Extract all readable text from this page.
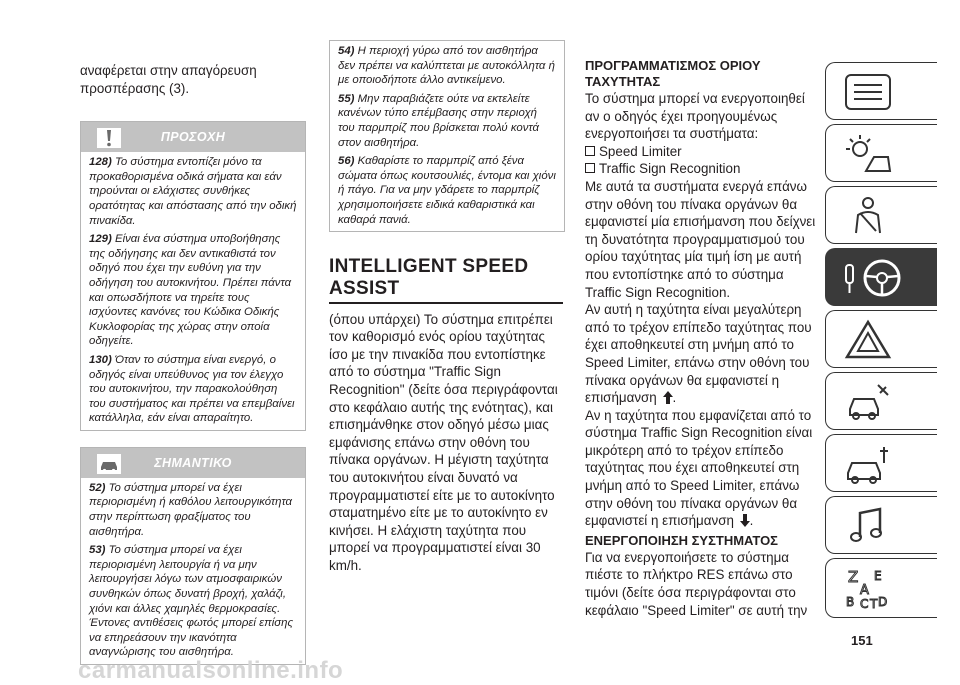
αναφέρεται στην απαγόρευση προσπέρασης (3).

ΠΡΟΣΟΧΗ

128) Το σύστημα εντοπίζει μόνο τα προκαθορισμένα οδικά σήματα και εάν τηρούνται οι ελάχιστες συνθήκες ορατότητας και απόστασης από την οδική πινακίδα.

129) Είναι ένα σύστημα υποβοήθησης της οδήγησης και δεν αντικαθιστά τον οδηγό που έχει την ευθύνη για την οδήγηση του αυτοκινήτου. Πρέπει πάντα και οπωσδήποτε να τηρείτε τους ισχύοντες κανόνες του Κώδικα Οδικής Κυκλοφορίας της χώρας στην οποία οδηγείτε.

130) Όταν το σύστημα είναι ενεργό, ο οδηγός είναι υπεύθυνος για τον έλεγχο του αυτοκινήτου, την παρακολούθηση του συστήματος και πρέπει να επεμβαίνει κατάλληλα, εάν είναι απαραίτητο.

ΣΗΜΑΝΤΙΚΟ

52) Το σύστημα μπορεί να έχει περιορισμένη ή καθόλου λειτουργικότητα στην περίπτωση φραξίματος του αισθητήρα.

53) Το σύστημα μπορεί να έχει περιορισμένη λειτουργία ή να μην λειτουργήσει λόγω των ατμοσφαιρικών συνθηκών όπως δυνατή βροχή, χαλάζι, χιόνι και άλλες χαμηλές θερμοκρασίες. Έντονες αντιθέσεις φωτός μπορεί επίσης να επηρεάσουν την ικανότητα αναγνώρισης του αισθητήρα.

54) Η περιοχή γύρω από τον αισθητήρα δεν πρέπει να καλύπτεται με αυτοκόλλητα ή με οποιοδήποτε άλλο αντικείμενο.

55) Μην παραβιάζετε ούτε να εκτελείτε κανένων τύπο επέμβασης στην περιοχή του παρμπρίζ που βρίσκεται πολύ κοντά στον αισθητήρα.

56) Καθαρίστε το παρμπρίζ από ξένα σώματα όπως κουτσουλιές, έντομα και χιόνι ή πάγο. Για να μην γδάρετε το παρμπρίζ χρησιμοποιήσετε ειδικά καθαριστικά και καθαρά πανιά.

INTELLIGENT SPEED

ASSIST

(όπου υπάρχει) Το σύστημα επιτρέπει τον καθορισμό ενός ορίου ταχύτητας ίσο με την πινακίδα που εντοπίστηκε από το σύστημα "Traffic Sign Recognition" (δείτε όσα περιγράφονται στο κεφάλαιο αυτής της ενότητας), και επισημάνθηκε στον οδηγό μέσω μιας εμφάνισης επάνω στην οθόνη του πίνακα οργάνων. Η μέγιστη ταχύτητα του αυτοκινήτου είναι δυνατό να προγραμματιστεί είτε με το αυτοκίνητο σταματημένο είτε με το αυτοκίνητο εν κινήσει. Η ελάχιστη ταχύτητα που μπορεί να προγραμματιστεί είναι 30 km/h.

ΠΡΟΓΡΑΜΜΑΤΙΣΜΟΣ ΟΡΙΟΥ

ΤΑΧΥΤΗΤΑΣ

Το σύστημα μπορεί να ενεργοποιηθεί αν ο οδηγός έχει προηγουμένως ενεργοποιήσει τα συστήματα:

Speed Limiter

Traffic Sign Recognition

Με αυτά τα συστήματα ενεργά επάνω στην οθόνη του πίνακα οργάνων θα εμφανιστεί μία επισήμανση που δείχνει τη δυνατότητα προγραμματισμού του ορίου ταχύτητας μία τιμή ίση με αυτή που εντοπίστηκε από το σύστημα Traffic Sign Recognition.

Αν αυτή η ταχύτητα είναι μεγαλύτερη από το τρέχον επίπεδο ταχύτητας που έχει αποθηκευτεί στη μνήμη από το Speed Limiter, επάνω στην οθόνη του πίνακα οργάνων θα εμφανιστεί η επισήμανση .

Αν η ταχύτητα που εμφανίζεται από το σύστημα Traffic Sign Recognition είναι μικρότερη από το τρέχον επίπεδο ταχύτητας που έχει αποθηκευτεί στη μνήμη από το Speed Limiter, επάνω στην οθόνη του πίνακα οργάνων θα εμφανιστεί η επισήμανση .

ΕΝΕΡΓΟΠΟΙΗΣΗ ΣΥΣΤΗΜΑΤΟΣ

Για να ενεργοποιήσετε το σύστημα πιέστε το πλήκτρο RES επάνω στο τιμόνι (δείτε όσα περιγράφονται στο κεφάλαιο "Speed Limiter" σε αυτή την

Z E
A
B C T D
151
carmanualsonline.info
